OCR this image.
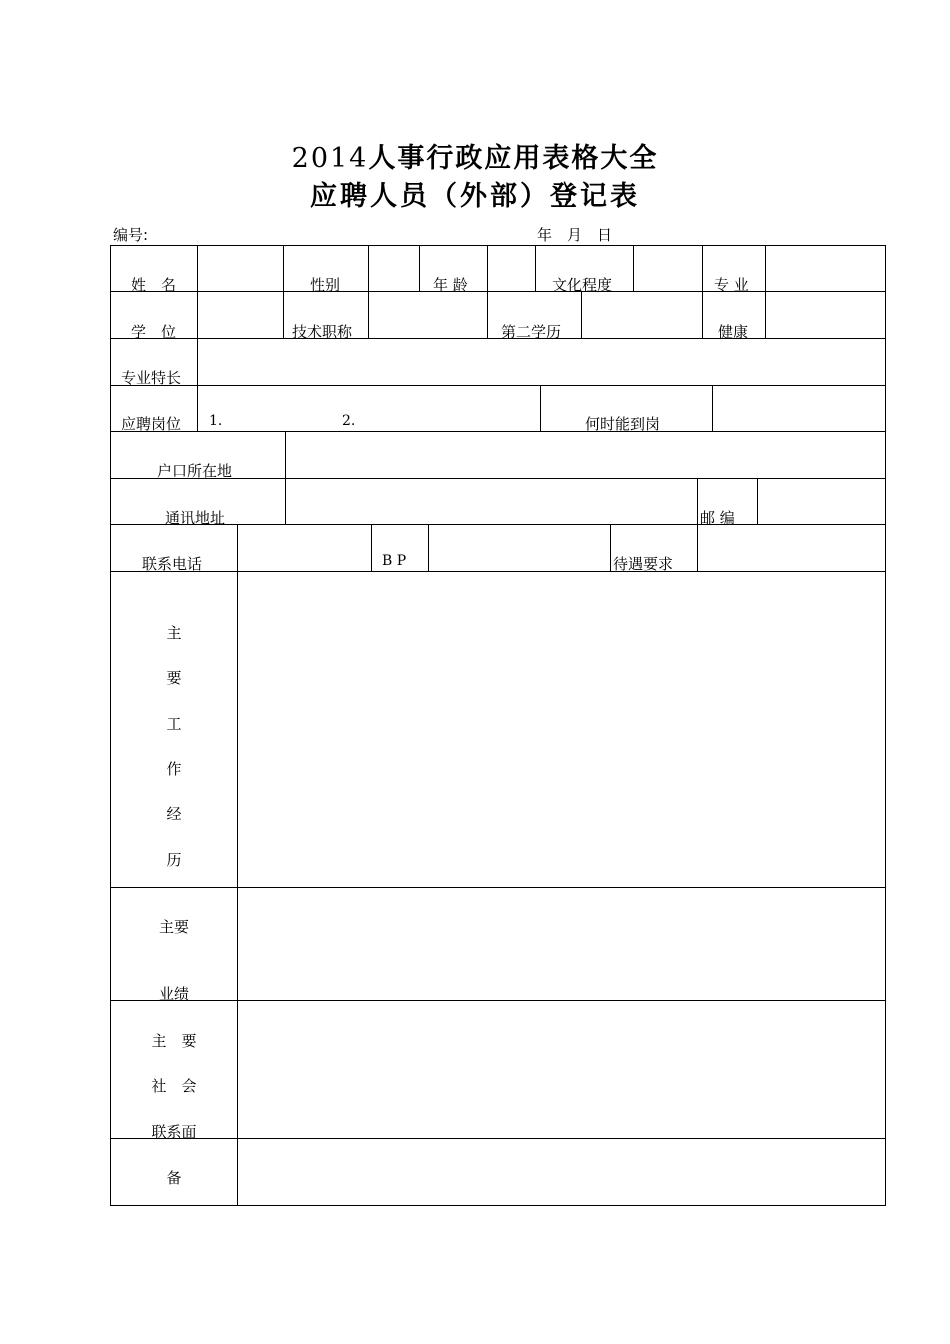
2014人事行政应用表格大全
应聘人员（外部）登记表
编号:	年　月　日
姓　名	性别	年 龄	文化程度	专 业
学　位	技术职称	第二学历	健康
专业特长
应聘岗位 1.	2.	何时能到岗
户口所在地
通讯地址	邮 编
联系电话	B P	待遇要求
主
要
工
作
经
历
主要
业绩
主　要
社　会
联系面
备
